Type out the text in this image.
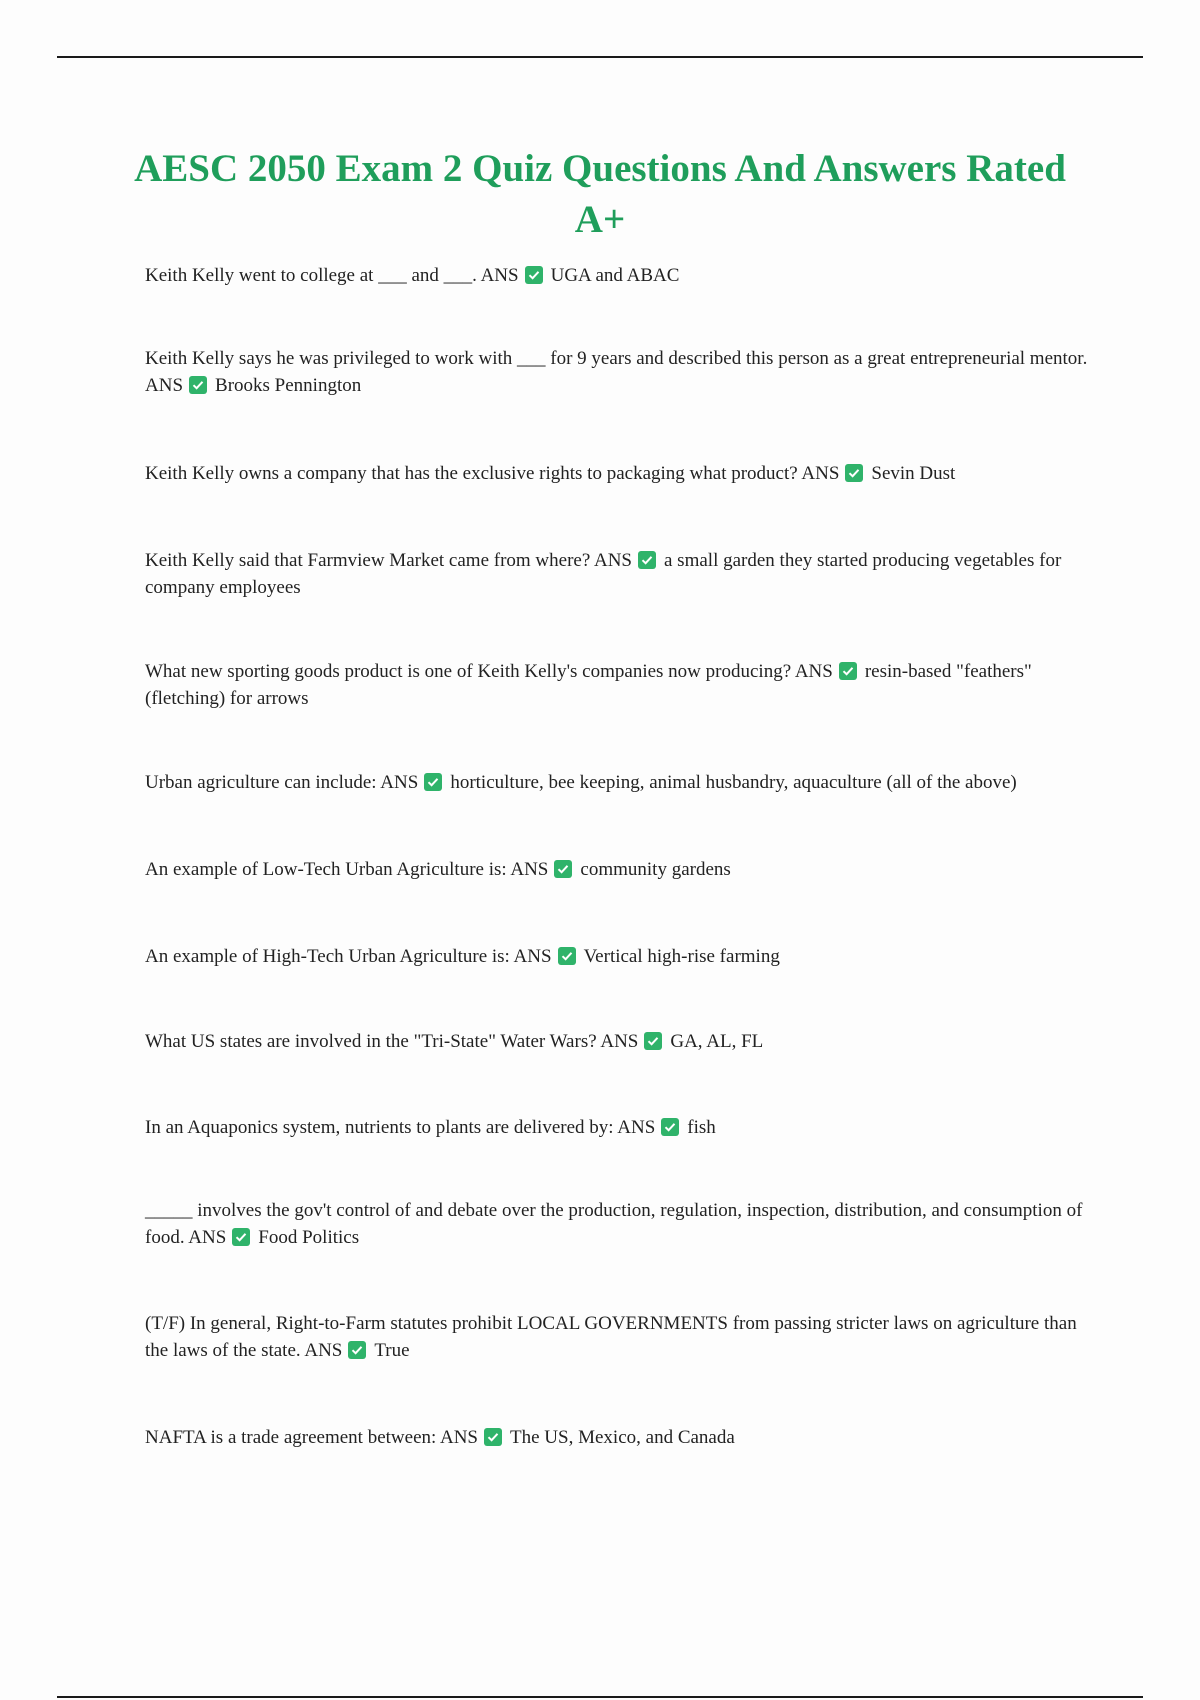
AESC 2050 Exam 2 Quiz Questions And Answers Rated A+
Keith Kelly went to college at ___ and ___. ANS UGA and ABAC
Keith Kelly says he was privileged to work with ___ for 9 years and described this person as a great entrepreneurial mentor. ANS Brooks Pennington
Keith Kelly owns a company that has the exclusive rights to packaging what product? ANS Sevin Dust
Keith Kelly said that Farmview Market came from where? ANS a small garden they started producing vegetables for company employees
What new sporting goods product is one of Keith Kelly's companies now producing? ANS resin-based "feathers" (fletching) for arrows
Urban agriculture can include: ANS horticulture, bee keeping, animal husbandry, aquaculture (all of the above)
An example of Low-Tech Urban Agriculture is: ANS community gardens
An example of High-Tech Urban Agriculture is: ANS Vertical high-rise farming
What US states are involved in the "Tri-State" Water Wars? ANS GA, AL, FL
In an Aquaponics system, nutrients to plants are delivered by: ANS fish
_____ involves the gov't control of and debate over the production, regulation, inspection, distribution, and consumption of food. ANS Food Politics
(T/F) In general, Right-to-Farm statutes prohibit LOCAL GOVERNMENTS from passing stricter laws on agriculture than the laws of the state. ANS True
NAFTA is a trade agreement between: ANS The US, Mexico, and Canada
